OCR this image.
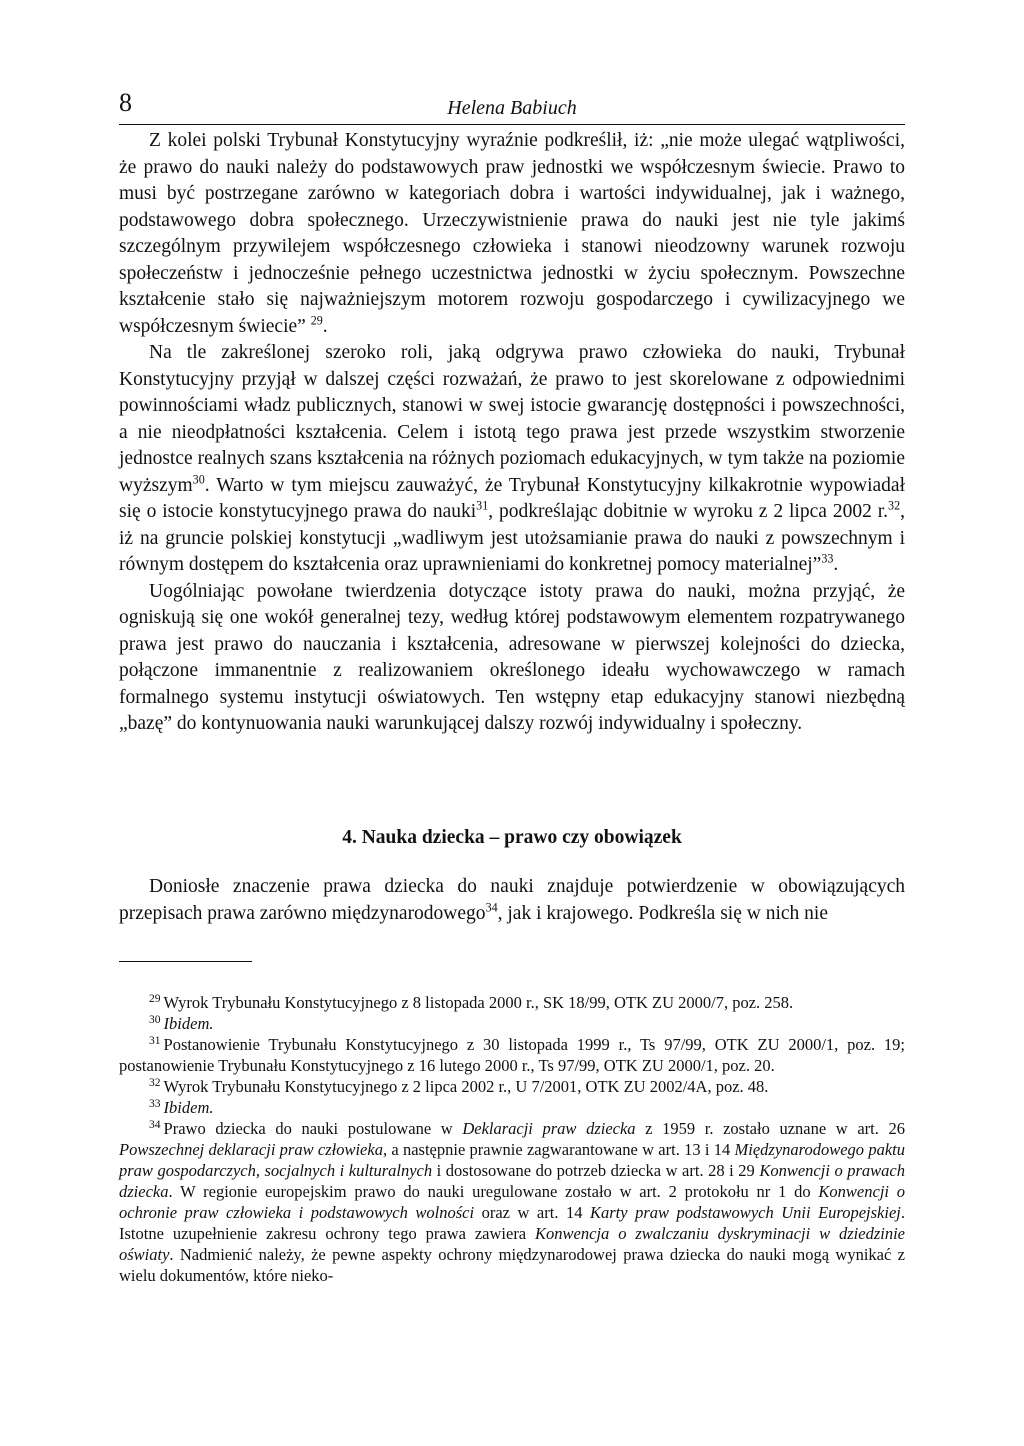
8	Helena Babiuch

Z kolei polski Trybunał Konstytucyjny wyraźnie podkreślił, iż: „nie może ulegać wątpliwości, że prawo do nauki należy do podstawowych praw jednostki we współczesnym świecie. Prawo to musi być postrzegane zarówno w kategoriach dobra i wartości indywidualnej, jak i ważnego, podstawowego dobra społecznego. Urzeczywistnienie prawa do nauki jest nie tyle jakimś szczególnym przywilejem współczesnego człowieka i stanowi nieodzowny warunek rozwoju społeczeństw i jednocześnie pełnego uczestnictwa jednostki w życiu społecznym. Powszechne kształcenie stało się najważniejszym motorem rozwoju gospodarczego i cywilizacyjnego we współczesnym świecie” $^{29}$.

Na tle zakreślonej szeroko roli, jaką odgrywa prawo człowieka do nauki, Trybunał Konstytucyjny przyjął w dalszej części rozważań, że prawo to jest skorelowane z odpowiednimi powinnościami władz publicznych, stanowi w swej istocie gwarancję dostępności i powszechności, a nie nieodpłatności kształcenia. Celem i istotą tego prawa jest przede wszystkim stworzenie jednostce realnych szans kształcenia na różnych poziomach edukacyjnych, w tym także na poziomie wyższym$^{30}$. Warto w tym miejscu zauważyć, że Trybunał Konstytucyjny kilkakrotnie wypowiadał się o istocie konstytucyjnego prawa do nauki$^{31}$, podkreślając dobitnie w wyroku z 2 lipca 2002 r.$^{32}$, iż na gruncie polskiej konstytucji „wadliwym jest utożsamianie prawa do nauki z powszechnym i równym dostępem do kształcenia oraz uprawnieniami do konkretnej pomocy materialnej”$^{33}$.

Uogólniając powołane twierdzenia dotyczące istoty prawa do nauki, można przyjąć, że ogniskują się one wokół generalnej tezy, według której podstawowym elementem rozpatrywanego prawa jest prawo do nauczania i kształcenia, adresowane w pierwszej kolejności do dziecka, połączone immanentnie z realizowaniem określonego ideału wychowawczego w ramach formalnego systemu instytucji oświatowych. Ten wstępny etap edukacyjny stanowi niezbędną „bazę” do kontynuowania nauki warunkującej dalszy rozwój indywidualny i społeczny.

4. Nauka dziecka – prawo czy obowiązek

Doniosłe znaczenie prawa dziecka do nauki znajduje potwierdzenie w obowiązujących przepisach prawa zarówno międzynarodowego$^{34}$, jak i krajowego. Podkreśla się w nich nie

$^{29}$ Wyrok Trybunału Konstytucyjnego z 8 listopada 2000 r., SK 18/99, OTK ZU 2000/7, poz. 258.

$^{30}$ Ibidem.

$^{31}$ Postanowienie Trybunału Konstytucyjnego z 30 listopada 1999 r., Ts 97/99, OTK ZU 2000/1, poz. 19; postanowienie Trybunału Konstytucyjnego z 16 lutego 2000 r., Ts 97/99, OTK ZU 2000/1, poz. 20.

$^{32}$ Wyrok Trybunału Konstytucyjnego z 2 lipca 2002 r., U 7/2001, OTK ZU 2002/4A, poz. 48.

$^{33}$ Ibidem.

$^{34}$ Prawo dziecka do nauki postulowane w Deklaracji praw dziecka z 1959 r. zostało uznane w art. 26 Powszechnej deklaracji praw człowieka, a następnie prawnie zagwarantowane w art. 13 i 14 Międzynarodowego paktu praw gospodarczych, socjalnych i kulturalnych i dostosowane do potrzeb dziecka w art. 28 i 29 Konwencji o prawach dziecka. W regionie europejskim prawo do nauki uregulowane zostało w art. 2 protokołu nr 1 do Konwencji o ochronie praw człowieka i podstawowych wolności oraz w art. 14 Karty praw podstawowych Unii Europejskiej. Istotne uzupełnienie zakresu ochrony tego prawa zawiera Konwencja o zwalczaniu dyskryminacji w dziedzinie oświaty. Nadmienić należy, że pewne aspekty ochrony międzynarodowej prawa dziecka do nauki mogą wynikać z wielu dokumentów, które nieko-
